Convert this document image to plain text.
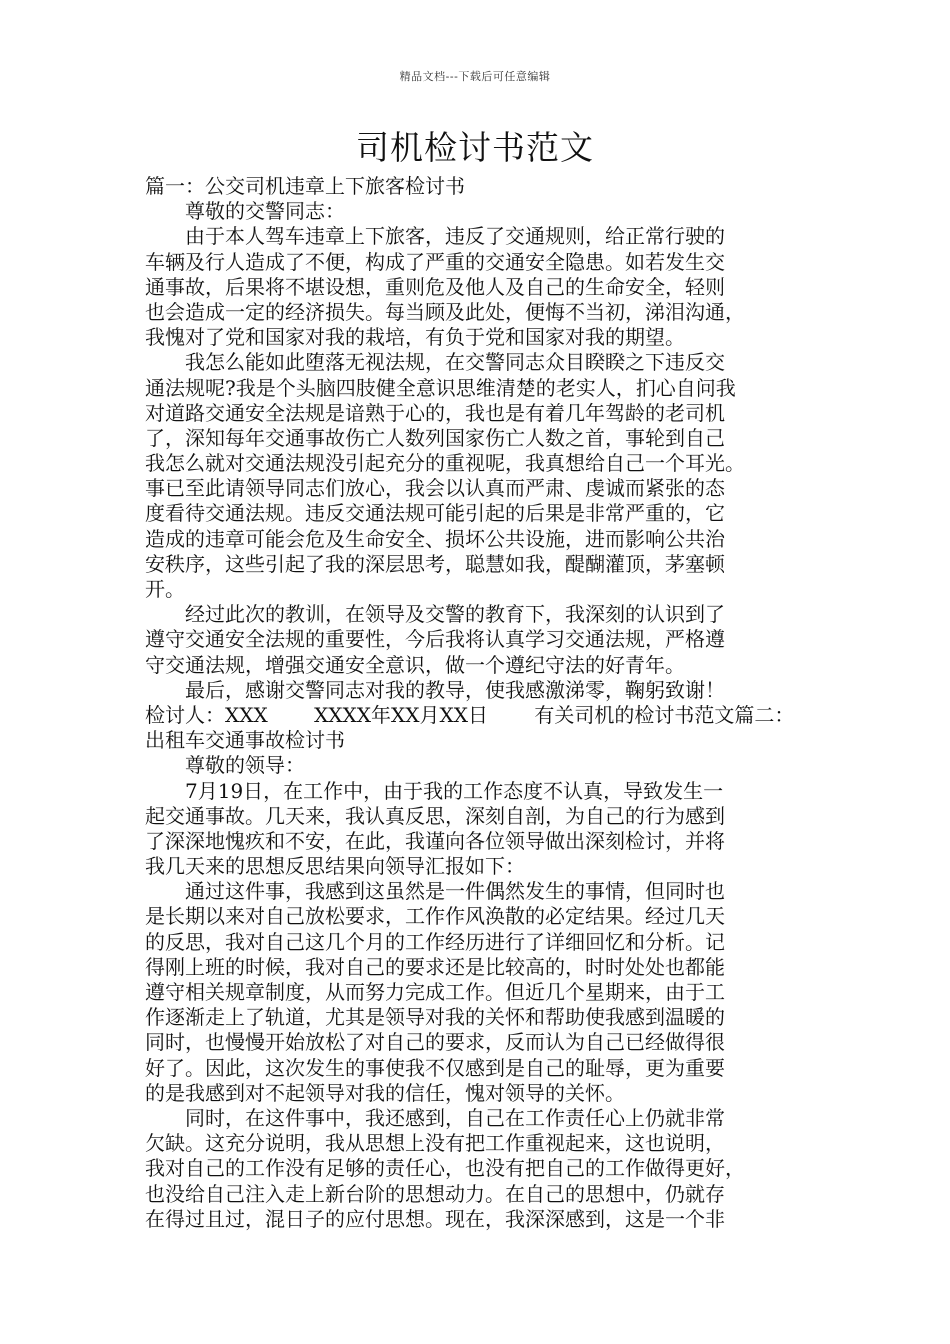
精品文档---下载后可任意编辑
司机检讨书范文
篇一：公交司机违章上下旅客检讨书
　　尊敬的交警同志：
　　由于本人驾车违章上下旅客，违反了交通规则，给正常行驶的
车辆及行人造成了不便，构成了严重的交通安全隐患。如若发生交
通事故，后果将不堪设想，重则危及他人及自己的生命安全，轻则
也会造成一定的经济损失。每当顾及此处，便悔不当初，涕泪沟通，
我愧对了党和国家对我的栽培，有负于党和国家对我的期望。
　　我怎么能如此堕落无视法规，在交警同志众目睽睽之下违反交
通法规呢?我是个头脑四肢健全意识思维清楚的老实人，扪心自问我
对道路交通安全法规是谙熟于心的，我也是有着几年驾龄的老司机
了，深知每年交通事故伤亡人数列国家伤亡人数之首，事轮到自己
我怎么就对交通法规没引起充分的重视呢，我真想给自己一个耳光。
事已至此请领导同志们放心，我会以认真而严肃、虔诚而紧张的态
度看待交通法规。违反交通法规可能引起的后果是非常严重的，它
造成的违章可能会危及生命安全、损坏公共设施，进而影响公共治
安秩序，这些引起了我的深层思考，聪慧如我，醍醐灌顶，茅塞顿
开。
　　经过此次的教训，在领导及交警的教育下，我深刻的认识到了
遵守交通安全法规的重要性，今后我将认真学习交通法规，严格遵
守交通法规，增强交通安全意识，做一个遵纪守法的好青年。
　　最后，感谢交警同志对我的教导，使我感激涕零，鞠躬致谢！
检讨人：XXX　　 XXXX年XX月XX日　　 有关司机的检讨书范文篇二：
出租车交通事故检讨书
　　尊敬的领导：
　　7月19日，在工作中，由于我的工作态度不认真，导致发生一
起交通事故。几天来，我认真反思，深刻自剖，为自己的行为感到
了深深地愧疚和不安，在此，我谨向各位领导做出深刻检讨，并将
我几天来的思想反思结果向领导汇报如下：
　　通过这件事，我感到这虽然是一件偶然发生的事情，但同时也
是长期以来对自己放松要求，工作作风涣散的必定结果。经过几天
的反思，我对自己这几个月的工作经历进行了详细回忆和分析。记
得刚上班的时候，我对自己的要求还是比较高的，时时处处也都能
遵守相关规章制度，从而努力完成工作。但近几个星期来，由于工
作逐渐走上了轨道，尤其是领导对我的关怀和帮助使我感到温暖的
同时，也慢慢开始放松了对自己的要求，反而认为自己已经做得很
好了。因此，这次发生的事使我不仅感到是自己的耻辱，更为重要
的是我感到对不起领导对我的信任，愧对领导的关怀。
　　同时，在这件事中，我还感到，自己在工作责任心上仍就非常
欠缺。这充分说明，我从思想上没有把工作重视起来，这也说明，
我对自己的工作没有足够的责任心，也没有把自己的工作做得更好，
也没给自己注入走上新台阶的思想动力。在自己的思想中，仍就存
在得过且过，混日子的应付思想。现在，我深深感到，这是一个非
